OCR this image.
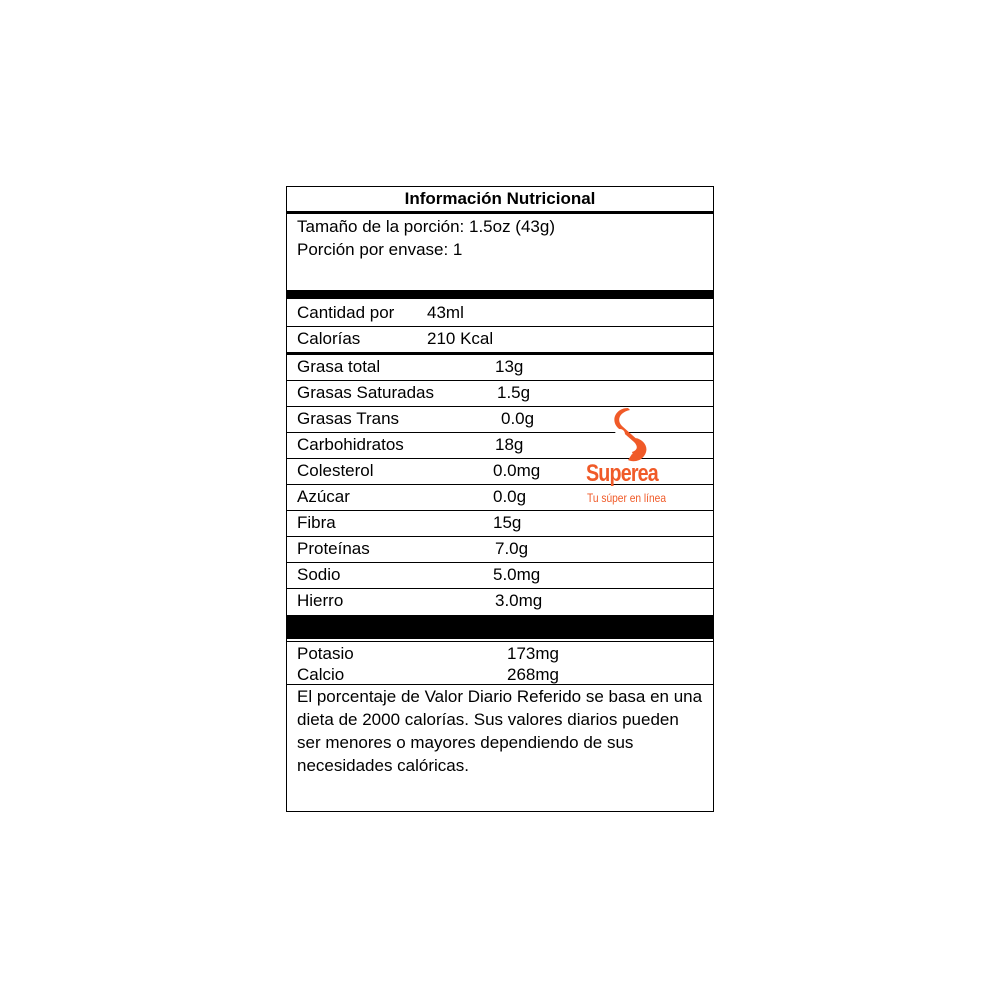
Información Nutricional
Tamaño de la porción: 1.5oz (43g)
Porción por envase: 1
Cantidad por 43ml
Calorías	210 Kcal
Grasa total	13g
Grasas Saturadas	1.5g
Grasas Trans	0.0g
Carbohidratos	18g
Colesterol	0.0mg
Azúcar	0.0g
Fibra	15g
Proteínas	7.0g
Sodio	5.0mg
Hierro	3.0mg
Potasio	173mg
Calcio	268mg
El porcentaje de Valor Diario Referido se basa en una dieta de 2000 calorías. Sus valores diarios pueden ser menores o mayores dependiendo de sus necesidades calóricas.
Superea
Tu súper en línea
